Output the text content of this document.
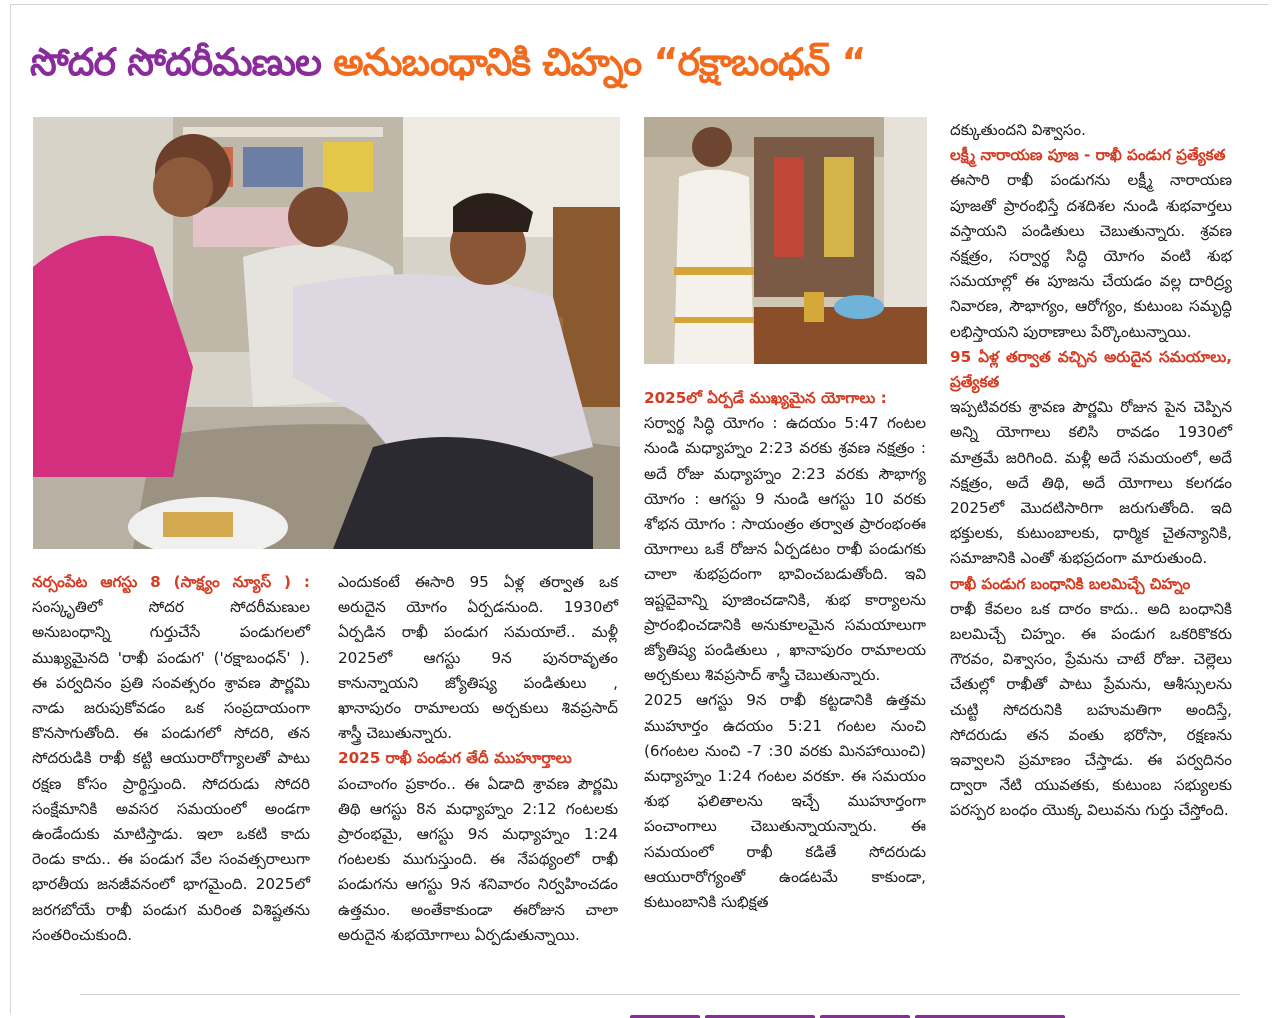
సోదర సోదరీమణుల అనుబంధానికి చిహ్నం “రక్షాబంధన్ “

నర్సంపేట ఆగస్టు 8 (సాక్ష్యం న్యూస్ ) : సంస్కృతిలో సోదర సోదరీమణుల అనుబంధాన్ని గుర్తుచేసే పండుగలలో ముఖ్యమైనది 'రాఖీ పండుగ' ('రక్షాబంధన్' ). ఈ పర్వదినం ప్రతి సంవత్సరం శ్రావణ పౌర్ణమి నాడు జరుపుకోవడం ఒక సంప్రదాయంగా కొనసాగుతోంది. ఈ పండుగలో సోదరి, తన సోదరుడికి రాఖీ కట్టి ఆయురారోగ్యాలతో పాటు రక్షణ కోసం ప్రార్థిస్తుంది. సోదరుడు సోదరి సంక్షేమానికి అవసర సమయంలో అండగా ఉండేందుకు మాటిస్తాడు. ఇలా ఒకటి కాదు రెండు కాదు.. ఈ పండుగ వేల సంవత్సరాలుగా భారతీయ జనజీవనంలో భాగమైంది. 2025లో జరగబోయే రాఖీ పండుగ మరింత విశిష్టతను సంతరించుకుంది.

ఎందుకంటే ఈసారి 95 ఏళ్ల తర్వాత ఒక అరుదైన యోగం ఏర్పడనుంది. 1930లో ఏర్పడిన రాఖీ పండుగ సమయాలే.. మళ్లీ 2025లో ఆగస్టు 9న పునరావృతం కానున్నాయని జ్యోతిష్య పండితులు , ఖానాపురం రామాలయ అర్చకులు శివప్రసాద్ శాస్త్రీ చెబుతున్నారు.

2025 రాఖీ పండుగ తేదీ ముహూర్తాలు

పంచాంగం ప్రకారం.. ఈ ఏడాది శ్రావణ పౌర్ణమి తిథి ఆగస్టు 8న మధ్యాహ్నం 2:12 గంటలకు ప్రారంభమై, ఆగస్టు 9న మధ్యాహ్నం 1:24 గంటలకు ముగుస్తుంది. ఈ నేపథ్యంలో రాఖీ పండుగను ఆగస్టు 9న శనివారం నిర్వహించడం ఉత్తమం. అంతేకాకుండా ఈరోజున చాలా అరుదైన శుభయోగాలు ఏర్పడుతున్నాయి.

2025లో ఏర్పడే ముఖ్యమైన యోగాలు :

సర్వార్థ సిద్ధి యోగం : ఉదయం 5:47 గంటల నుండి మధ్యాహ్నం 2:23 వరకు శ్రవణ నక్షత్రం : అదే రోజు మధ్యాహ్నం 2:23 వరకు సౌభాగ్య యోగం : ఆగస్టు 9 నుండి ఆగస్టు 10 వరకు శోభన యోగం : సాయంత్రం తర్వాత ప్రారంభం‌ఈ యోగాలు ఒకే రోజున ఏర్పడటం రాఖీ పండుగకు చాలా శుభప్రదంగా భావించబడుతోంది. ఇవి ఇష్టదైవాన్ని పూజించడానికి, శుభ కార్యాలను ప్రారంభించడానికి అనుకూలమైన సమయాలుగా జ్యోతిష్య పండితులు , ఖానాపురం రామాలయ అర్చకులు శివప్రసాద్ శాస్త్రీ చెబుతున్నారు.

2025 ఆగస్టు 9న రాఖీ కట్టడానికి ఉత్తమ ముహూర్తం ఉదయం 5:21 గంటల నుంచి (6గంటల నుంచి -7 :30 వరకు మినహాయించి) మధ్యాహ్నం 1:24 గంటల వరకూ. ఈ సమయం శుభ ఫలితాలను ఇచ్చే ముహూర్తంగా పంచాంగాలు చెబుతున్నాయన్నారు. ఈ సమయంలో రాఖీ కడితే సోదరుడు ఆయురారోగ్యంతో ఉండటమే కాకుండా, కుటుంబానికి సుభిక్షత

దక్కుతుందని విశ్వాసం.

లక్ష్మీ నారాయణ పూజ - రాఖీ పండుగ ప్రత్యేకత

ఈసారి రాఖీ పండుగను లక్ష్మీ నారాయణ పూజతో ప్రారంభిస్తే దశదిశల నుండి శుభవార్తలు వస్తాయని పండితులు చెబుతున్నారు. శ్రవణ నక్షత్రం, సర్వార్థ సిద్ధి యోగం వంటి శుభ సమయాల్లో ఈ పూజను చేయడం వల్ల దారిద్ర్య నివారణ, సౌభాగ్యం, ఆరోగ్యం, కుటుంబ సమృద్ధి లభిస్తాయని పురాణాలు పేర్కొంటున్నాయి.

95 ఏళ్ల తర్వాత వచ్చిన అరుదైన సమయాలు, ప్రత్యేకత

ఇప్పటివరకు శ్రావణ పౌర్ణమి రోజున పైన చెప్పిన అన్ని యోగాలు కలిసి రావడం 1930లో మాత్రమే జరిగింది. మళ్లీ అదే సమయంలో, అదే నక్షత్రం, అదే తిథి, అదే యోగాలు కలగడం 2025లో మొదటిసారిగా జరుగుతోంది. ఇది భక్తులకు, కుటుంబాలకు, ధార్మిక చైతన్యానికి, సమాజానికి ఎంతో శుభప్రదంగా మారుతుంది.

రాఖీ పండుగ బంధానికి బలమిచ్చే చిహ్నం

రాఖీ కేవలం ఒక దారం కాదు.. అది బంధానికి బలమిచ్చే చిహ్నం. ఈ పండుగ ఒకరికొకరు గౌరవం, విశ్వాసం, ప్రేమను చాటే రోజు. చెల్లెలు చేతుల్లో రాఖీతో పాటు ప్రేమను, ఆశీస్సులను చుట్టి సోదరునికి బహుమతిగా అందిస్తే, సోదరుడు తన వంతు భరోసా, రక్షణను ఇవ్వాలని ప్రమాణం చేస్తాడు. ఈ పర్వదినం ద్వారా నేటి యువతకు, కుటుంబ సభ్యులకు పరస్పర బంధం యొక్క విలువను గుర్తు చేస్తోంది.
